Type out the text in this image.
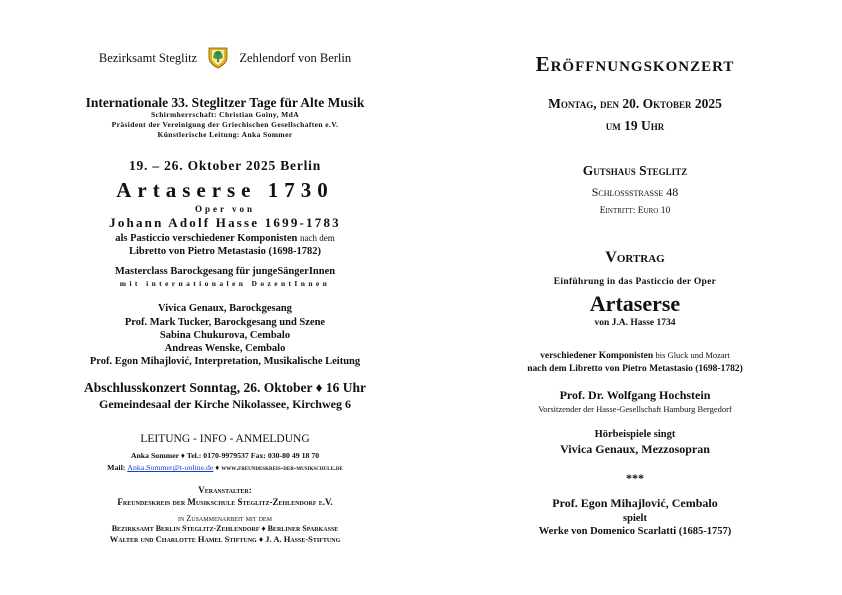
Bezirksamt Steglitz	Zehlendorf von Berlin
Internationale 33. Steglitzer Tage für Alte Musik
Schirmherrschaft: Christian Goiny, MdA
Präsident der Vereinigung der Griechischen Gesellschaften e.V.
Künstlerische Leitung: Anka Sommer
19. – 26. Oktober 2025 Berlin
Artaserse 1730
Oper von
Johann Adolf Hasse 1699-1783
als Pasticcio verschiedener Komponisten nach dem
Libretto von Pietro Metastasio (1698-1782)
Masterclass Barockgesang für jungeSängerInnen
mit internationalen DozentInnen
Vivica Genaux, Barockgesang
Prof. Mark Tucker, Barockgesang und Szene
Sabina Chukurova, Cembalo
Andreas Wenske, Cembalo
Prof. Egon Mihajlović, Interpretation, Musikalische Leitung
Abschlusskonzert Sonntag, 26. Oktober ♦ 16 Uhr
Gemeindesaal der Kirche Nikolassee, Kirchweg 6
LEITUNG - INFO - ANMELDUNG
Anka Sommer ♦ Tel.: 0170-9979537 Fax: 030-80 49 18 70
Mail: Anka.Sommer@t-online.de ♦ www.freundeskreis-der-musikschule.de
Veranstalter:
Freundeskreis der Musikschule Steglitz-Zehlendorf e.V.
in Zusammenarbeit mit dem
Bezirksamt Berlin Steglitz-Zehlendorf ♦ Berliner Sparkasse
Walter und Charlotte Hamel Stiftung ♦ J. A. Hasse-Stiftung
Eröffnungskonzert
Montag, den 20. Oktober 2025
um 19 Uhr
Gutshaus Steglitz
Schlossstrasse 48
Eintritt: Euro 10
Vortrag
Einführung in das Pasticcio der Oper
Artaserse
von J.A. Hasse 1734
verschiedener Komponisten bis Gluck und Mozart
nach dem Libretto von Pietro Metastasio (1698-1782)
Prof. Dr. Wolfgang Hochstein
Vorsitzender der Hasse-Gesellschaft Hamburg Bergedorf
Hörbeispiele singt
Vivica Genaux, Mezzosopran
***
Prof. Egon Mihajlović, Cembalo
spielt
Werke von Domenico Scarlatti (1685-1757)
